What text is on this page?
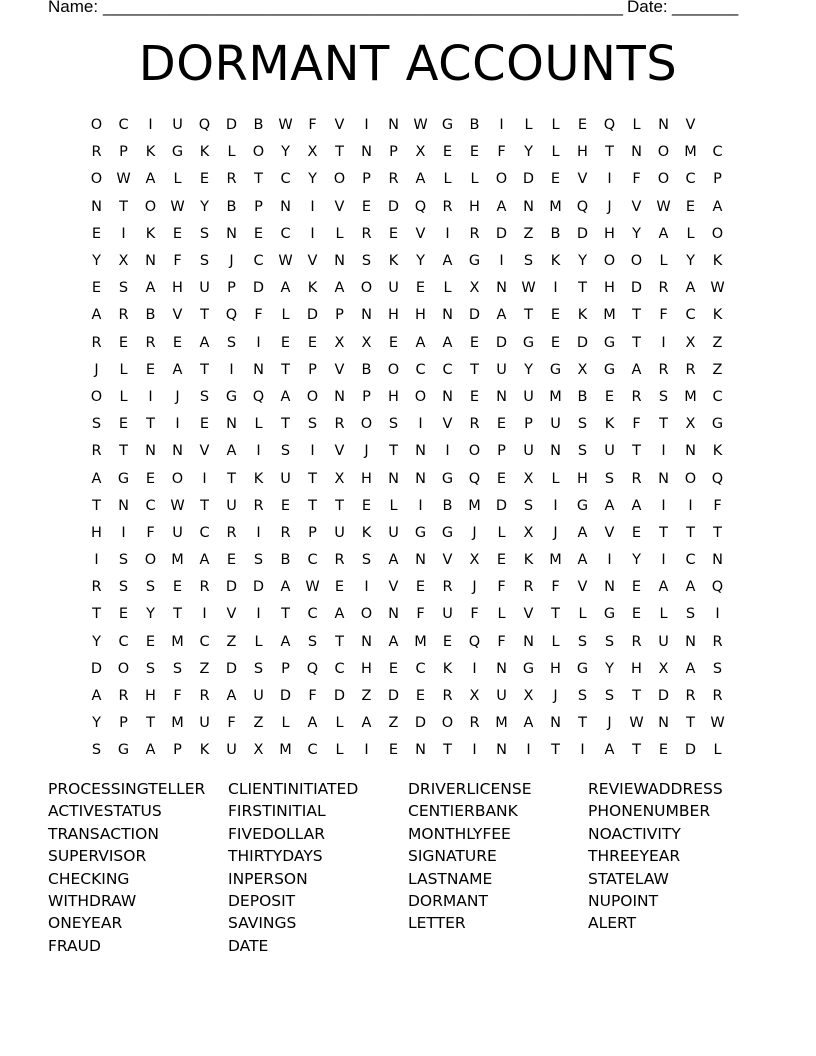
Name: _______________________________________________________ Date: _______
DORMANT ACCOUNTS
O	C	I	U	Q	D	B	W	F	V	I	N W G	B	I	L	L	E	Q	L	N	V
R	P	K	G	K	L	O	Y	X	T	N	P	X	E	E	F	Y	L	H	T	N	O	M	C
O W	A	L	E	R	T	C	Y	O	P	R	A	L	L	O	D	E	V	I	F	O	C	P
N	T	O W	Y	B	P	N	I	V	E	D	Q	R	H	A	N	M	Q	J	V	W	E	A
E	I	K	E	S	N	E	C	I	L	R	E	V	I	R	D	Z	B	D	H	Y	A	L	O
Y	X	N	F	S	J	C	W	V	N	S	K	Y	A	G	I	S	K	Y	O	O	L	Y	K
E	S	A	H	U	P	D	A	K	A	O	U	E	L	X	N W	I	T	H	D	R	A	W
A	R	B	V	T	Q	F	L	D	P	N	H	H	N	D	A	T	E	K	M	T	F	C	K
R	E	R	E	A	S	I	E	E	X	X	E	A	A	E	D	G	E	D	G	T	I	X	Z
J	L	E	A	T	I	N	T	P	V	B	O	C	C	T	U	Y	G	X	G	A	R	R	Z
O	L	I	J	S	G	Q	A	O	N	P	H	O	N	E	N	U	M	B	E	R	S	M	C
S	E	T	I	E	N	L	T	S	R	O	S	I	V	R	E	P	U	S	K	F	T	X	G
R	T	N	N	V	A	I	S	I	V	J	T	N	I	O	P	U	N	S	U	T	I	N	K
A	G	E	O	I	T	K	U	T	X	H	N	N	G	Q	E	X	L	H	S	R	N	O	Q
T	N	C	W	T	U	R	E	T	T	E	L	I	B	M	D	S	I	G	A	A	I	I	F
H	I	F	U	C	R	I	R	P	U	K	U	G	G	J	L	X	J	A	V	E	T	T	T
I	S	O	M	A	E	S	B	C	R	S	A	N	V	X	E	K	M	A	I	Y	I	C	N
R	S	S	E	R	D	D	A	W	E	I	V	E	R	J	F	R	F	V	N	E	A	A	Q
T	E	Y	T	I	V	I	T	C	A	O	N	F	U	F	L	V	T	L	G	E	L	S	I
Y	C	E	M	C	Z	L	A	S	T	N	A	M	E	Q	F	N	L	S	S	R	U	N	R
D	O	S	S	Z	D	S	P	Q	C	H	E	C	K	I	N	G	H	G	Y	H	X	A	S
A	R	H	F	R	A	U	D	F	D	Z	D	E	R	X	U	X	J	S	S	T	D	R	R
Y	P	T	M	U	F	Z	L	A	L	A	Z	D	O	R	M	A	N	T	J	W N	T	W
S	G	A	P	K	U	X	M	C	L	I	E	N	T	I	N	I	T	I	A	T	E	D	L
PROCESSINGTELLER
ACTIVESTATUS
TRANSACTION
SUPERVISOR
CHECKING
WITHDRAW
ONEYEAR
FRAUD
CLIENTINITIATED
FIRSTINITIAL
FIVEDOLLAR
THIRTYDAYS
INPERSON
DEPOSIT
SAVINGS
DATE
DRIVERLICENSE
CENTIERBANK
MONTHLYFEE
SIGNATURE
LASTNAME
DORMANT
LETTER
REVIEWADDRESS
PHONENUMBER
NOACTIVITY
THREEYEAR
STATELAW
NUPOINT
ALERT
